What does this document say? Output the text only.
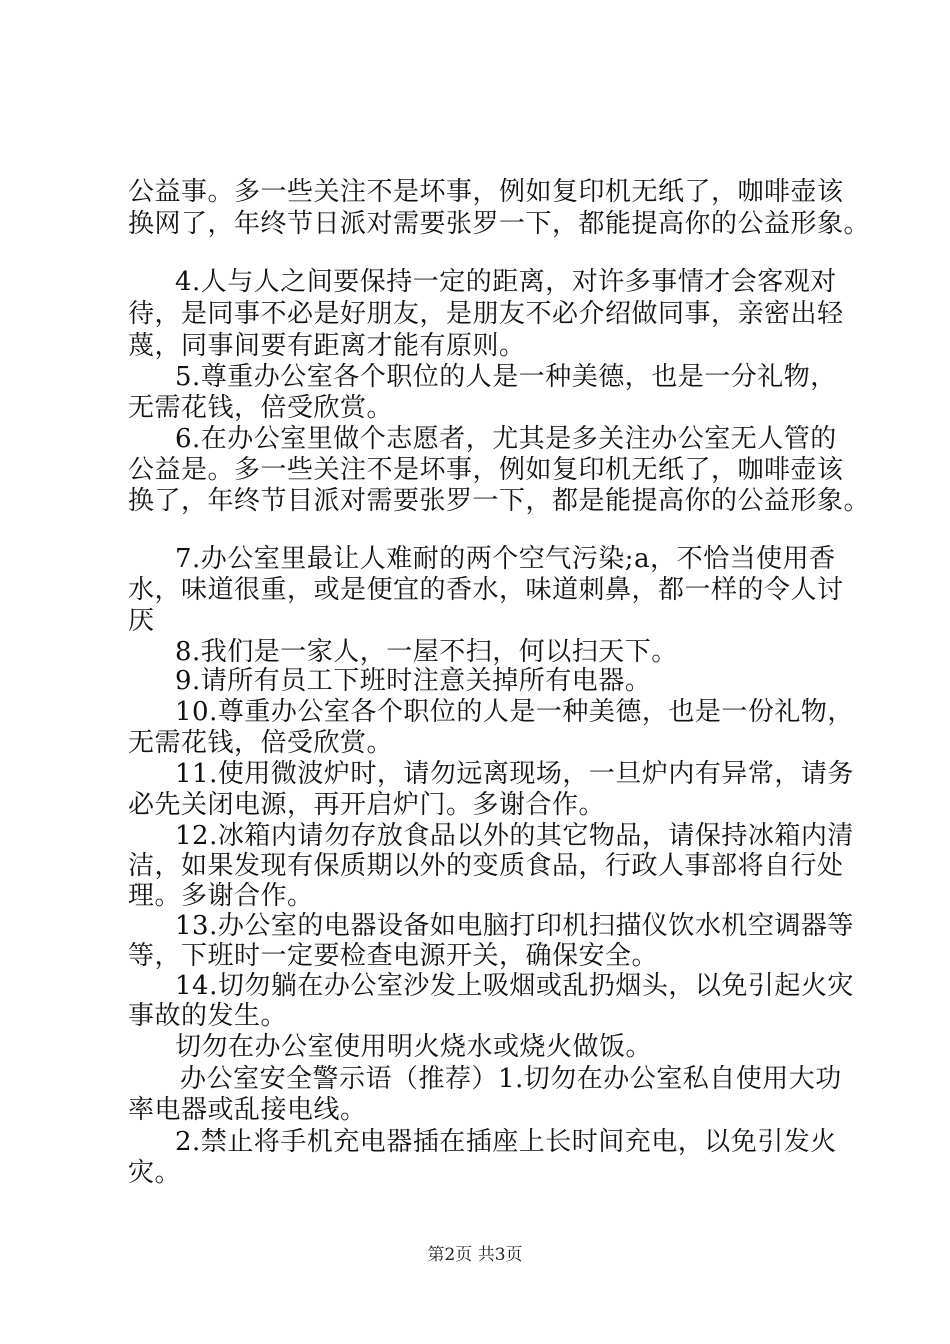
公益事。多一些关注不是坏事，例如复印机无纸了，咖啡壶该

换网了，年终节日派对需要张罗一下，都能提高你的公益形象。

4.人与人之间要保持一定的距离，对许多事情才会客观对

待，是同事不必是好朋友，是朋友不必介绍做同事，亲密出轻

蔑，同事间要有距离才能有原则。

5.尊重办公室各个职位的人是一种美德，也是一分礼物，

无需花钱，倍受欣赏。

6.在办公室里做个志愿者，尤其是多关注办公室无人管的

公益是。多一些关注不是坏事，例如复印机无纸了，咖啡壶该

换了，年终节目派对需要张罗一下，都是能提高你的公益形象。

7.办公室里最让人难耐的两个空气污染;a，不恰当使用香

水，味道很重，或是便宜的香水，味道刺鼻，都一样的令人讨

厌

8.我们是一家人，一屋不扫，何以扫天下。

9.请所有员工下班时注意关掉所有电器。

10.尊重办公室各个职位的人是一种美德，也是一份礼物，

无需花钱，倍受欣赏。

11.使用微波炉时，请勿远离现场，一旦炉内有异常，请务

必先关闭电源，再开启炉门。多谢合作。

12.冰箱内请勿存放食品以外的其它物品，请保持冰箱内清

洁，如果发现有保质期以外的变质食品，行政人事部将自行处

理。多谢合作。

13.办公室的电器设备如电脑打印机扫描仪饮水机空调器等

等，下班时一定要检查电源开关，确保安全。

14.切勿躺在办公室沙发上吸烟或乱扔烟头，以免引起火灾

事故的发生。

切勿在办公室使用明火烧水或烧火做饭。

办公室安全警示语（推荐）1.切勿在办公室私自使用大功

率电器或乱接电线。

2.禁止将手机充电器插在插座上长时间充电，以免引发火

灾。

第2页 共3页
